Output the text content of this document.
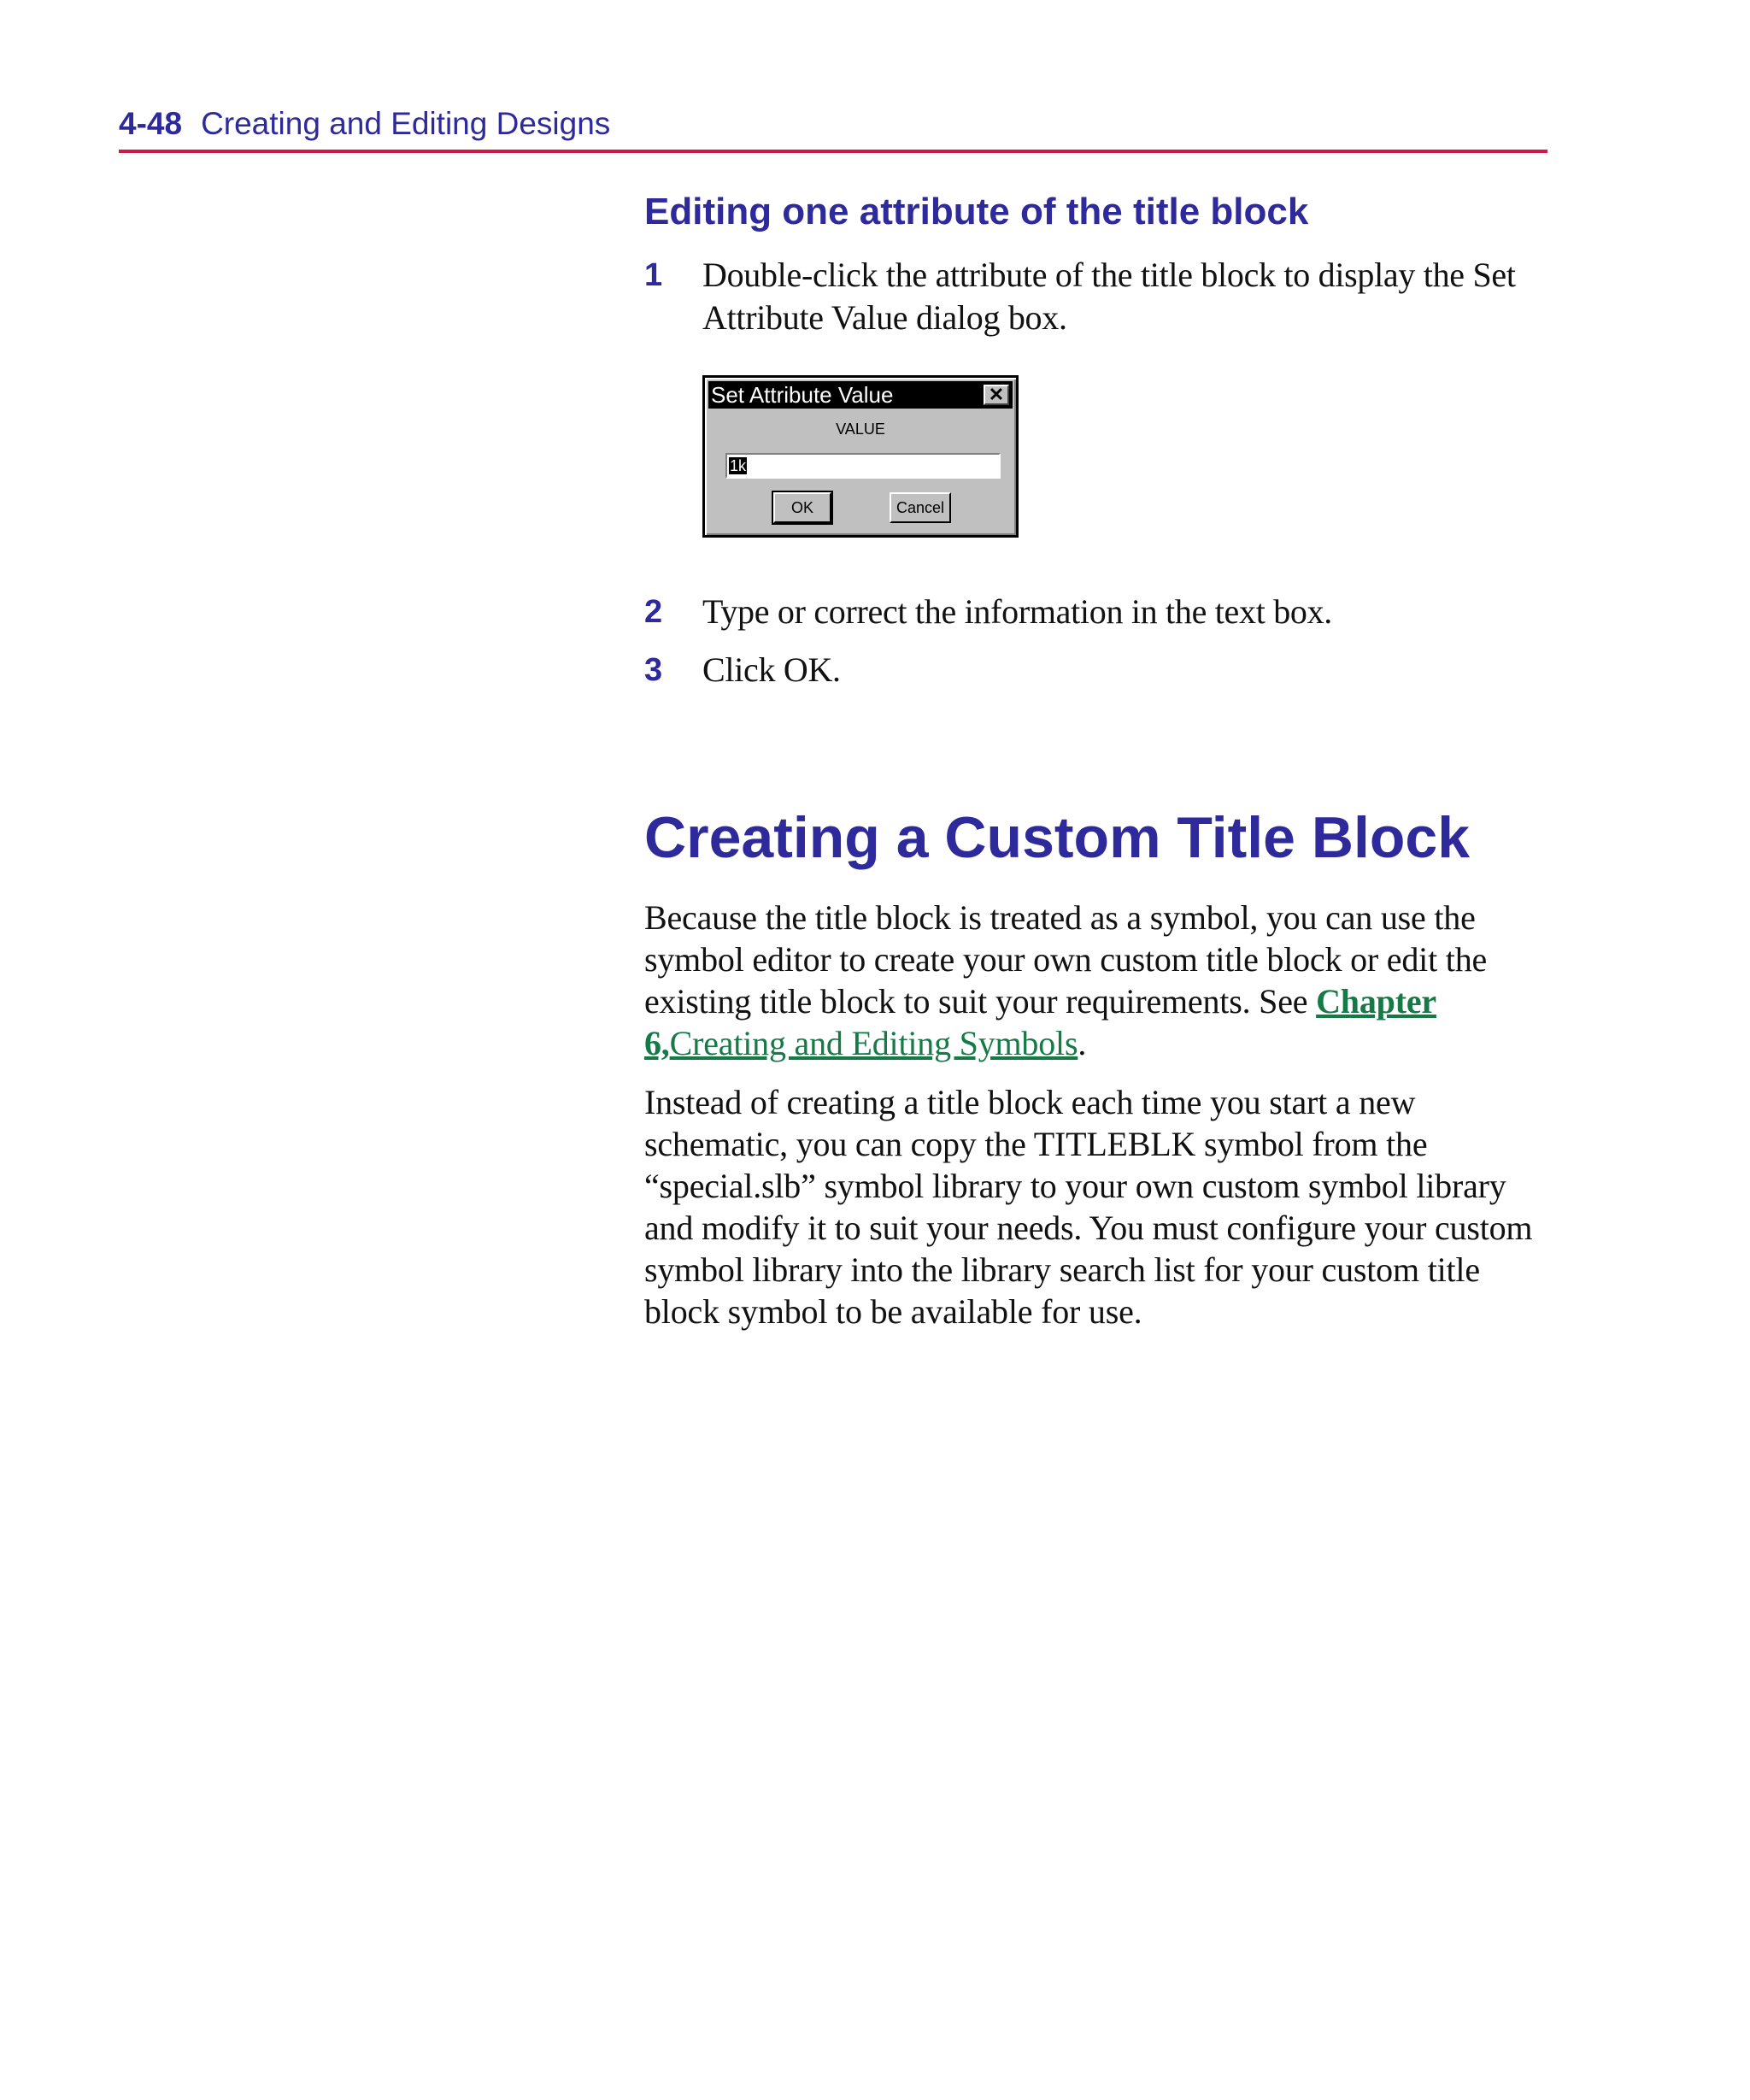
4-48 Creating and Editing Designs
Editing one attribute of the title block
1	Double-click the attribute of the title block to display the Set Attribute Value dialog box.
Set Attribute Value	✕
VALUE
1k
OK	Cancel
2	Type or correct the information in the text box.
3	Click OK.
Creating a Custom Title Block

Because the title block is treated as a symbol, you can use the symbol editor to create your own custom title block or edit the existing title block to suit your requirements. See Chapter 6,Creating and Editing Symbols.

Instead of creating a title block each time you start a new schematic, you can copy the TITLEBLK symbol from the “special.slb” symbol library to your own custom symbol library and modify it to suit your needs. You must configure your custom symbol library into the library search list for your custom title block symbol to be available for use.
